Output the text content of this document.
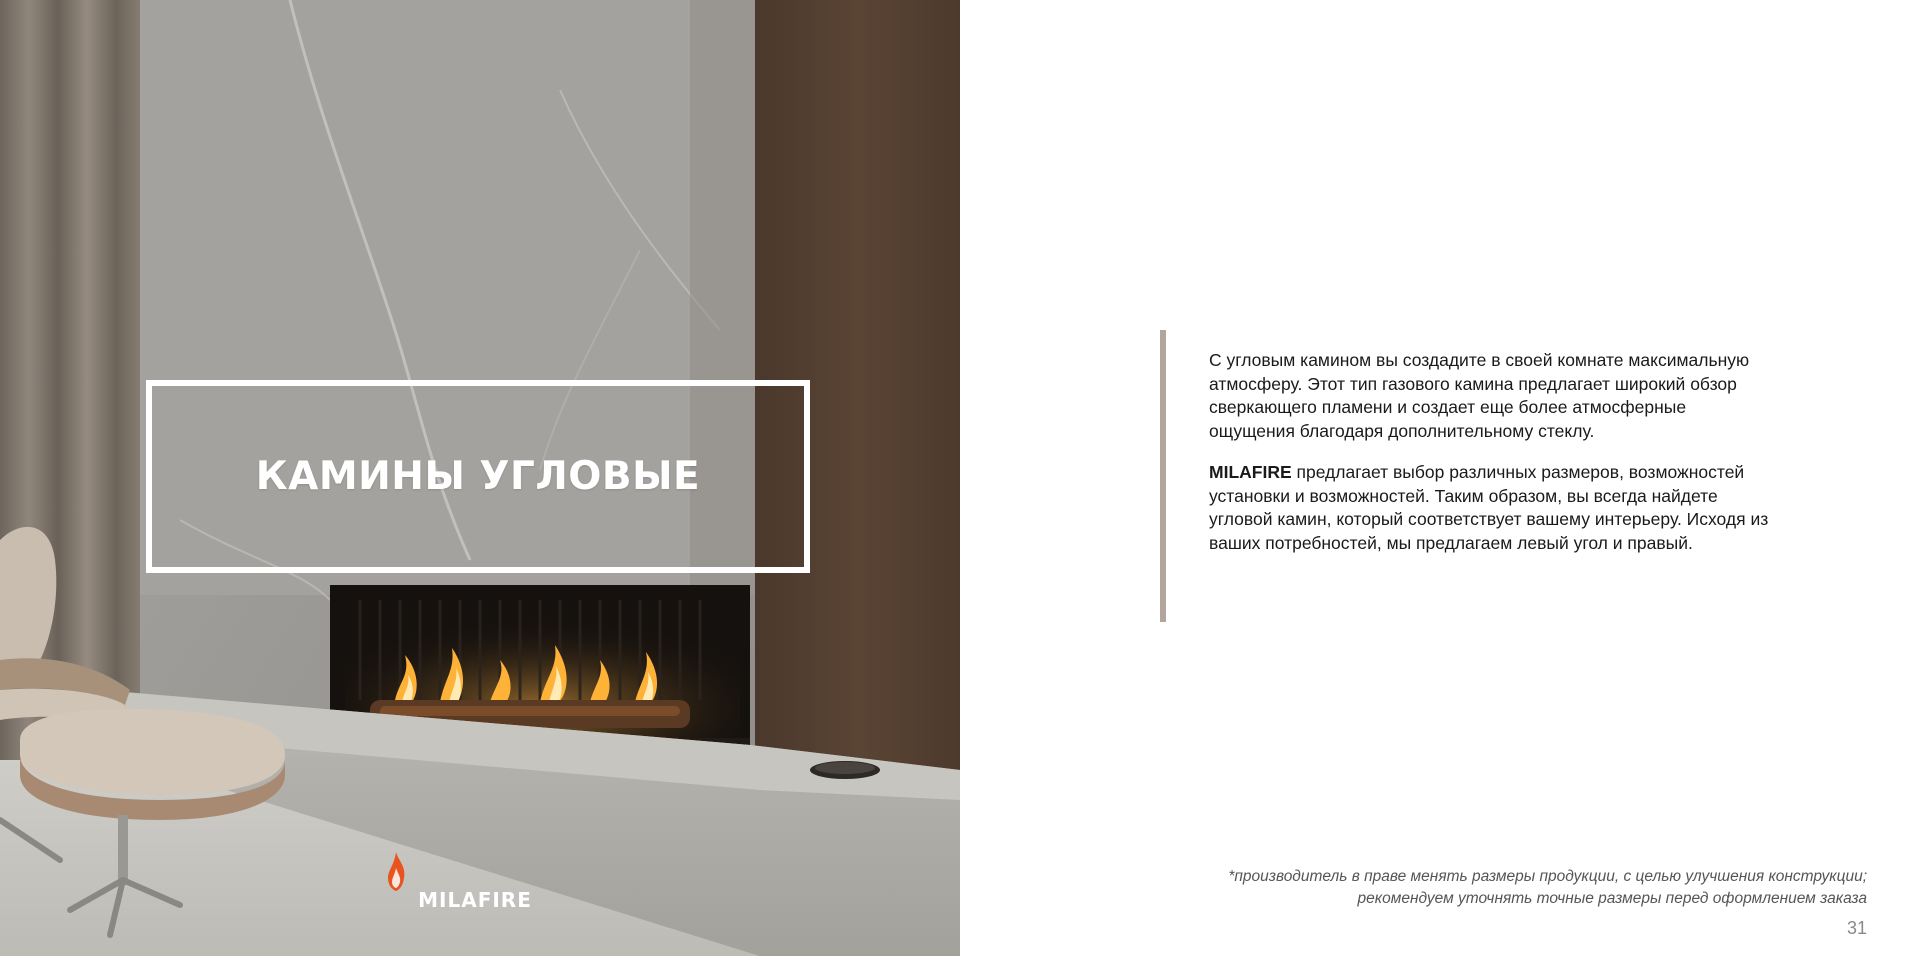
КАМИНЫ УГЛОВЫЕ
MILAFIRE

С угловым камином вы создадите в своей комнате максимальную атмосферу. Этот тип газового камина предлагает широкий обзор сверкающего пламени и создает еще более атмосферные ощущения благодаря дополнительному стеклу.

MILAFIRE предлагает выбор различных размеров, возможностей установки и возможностей. Таким образом, вы всегда найдете угловой камин, который соответствует вашему интерьеру. Исходя из ваших потребностей, мы предлагаем левый угол и правый.

*производитель в праве менять размеры продукции, с целью улучшения конструкции;
рекомендуем уточнять точные размеры перед оформлением заказа
31
